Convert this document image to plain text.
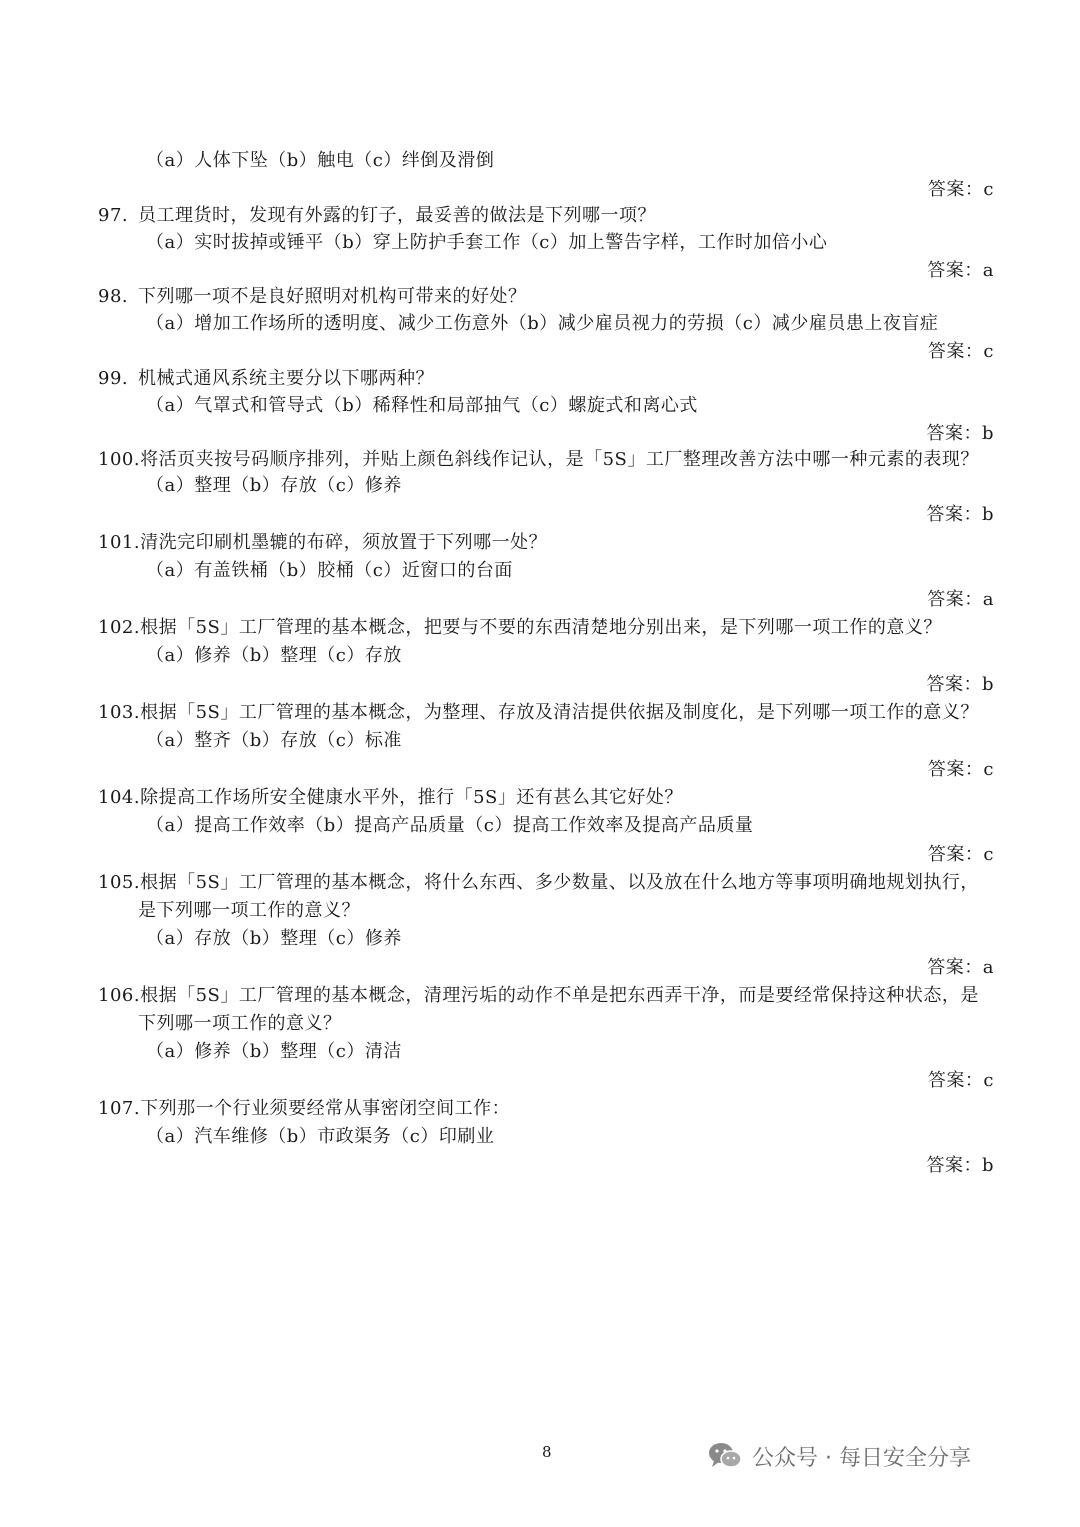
（a）人体下坠（b）触电（c）绊倒及滑倒
答案：c
97. 员工理货时，发现有外露的钉子，最妥善的做法是下列哪一项？
（a）实时拔掉或锤平（b）穿上防护手套工作（c）加上警告字样，工作时加倍小心
答案：a
98. 下列哪一项不是良好照明对机构可带来的好处？
（a）增加工作场所的透明度、减少工伤意外（b）减少雇员视力的劳损（c）减少雇员患上夜盲症
答案：c
99. 机械式通风系统主要分以下哪两种？
（a）气罩式和管导式（b）稀释性和局部抽气（c）螺旋式和离心式
答案：b
100.将活页夹按号码顺序排列，并贴上颜色斜线作记认，是「5S」工厂整理改善方法中哪一种元素的表现？
（a）整理（b）存放（c）修养
答案：b
101.清洗完印刷机墨辘的布碎，须放置于下列哪一处？
（a）有盖铁桶（b）胶桶（c）近窗口的台面
答案：a
102.根据「5S」工厂管理的基本概念，把要与不要的东西清楚地分别出来，是下列哪一项工作的意义？
（a）修养（b）整理（c）存放
答案：b
103.根据「5S」工厂管理的基本概念，为整理、存放及清洁提供依据及制度化，是下列哪一项工作的意义？
（a）整齐（b）存放（c）标准
答案：c
104.除提高工作场所安全健康水平外，推行「5S」还有甚么其它好处？
（a）提高工作效率（b）提高产品质量（c）提高工作效率及提高产品质量
答案：c
105.根据「5S」工厂管理的基本概念，将什么东西、多少数量、以及放在什么地方等事项明确地规划执行，
是下列哪一项工作的意义？
（a）存放（b）整理（c）修养
答案：a
106.根据「5S」工厂管理的基本概念，清理污垢的动作不单是把东西弄干净，而是要经常保持这种状态，是
下列哪一项工作的意义？
（a）修养（b）整理（c）清洁
答案：c
107.下列那一个行业须要经常从事密闭空间工作：
（a）汽车维修（b）市政渠务（c）印刷业
答案：b
8	公众号 · 每日安全分享
